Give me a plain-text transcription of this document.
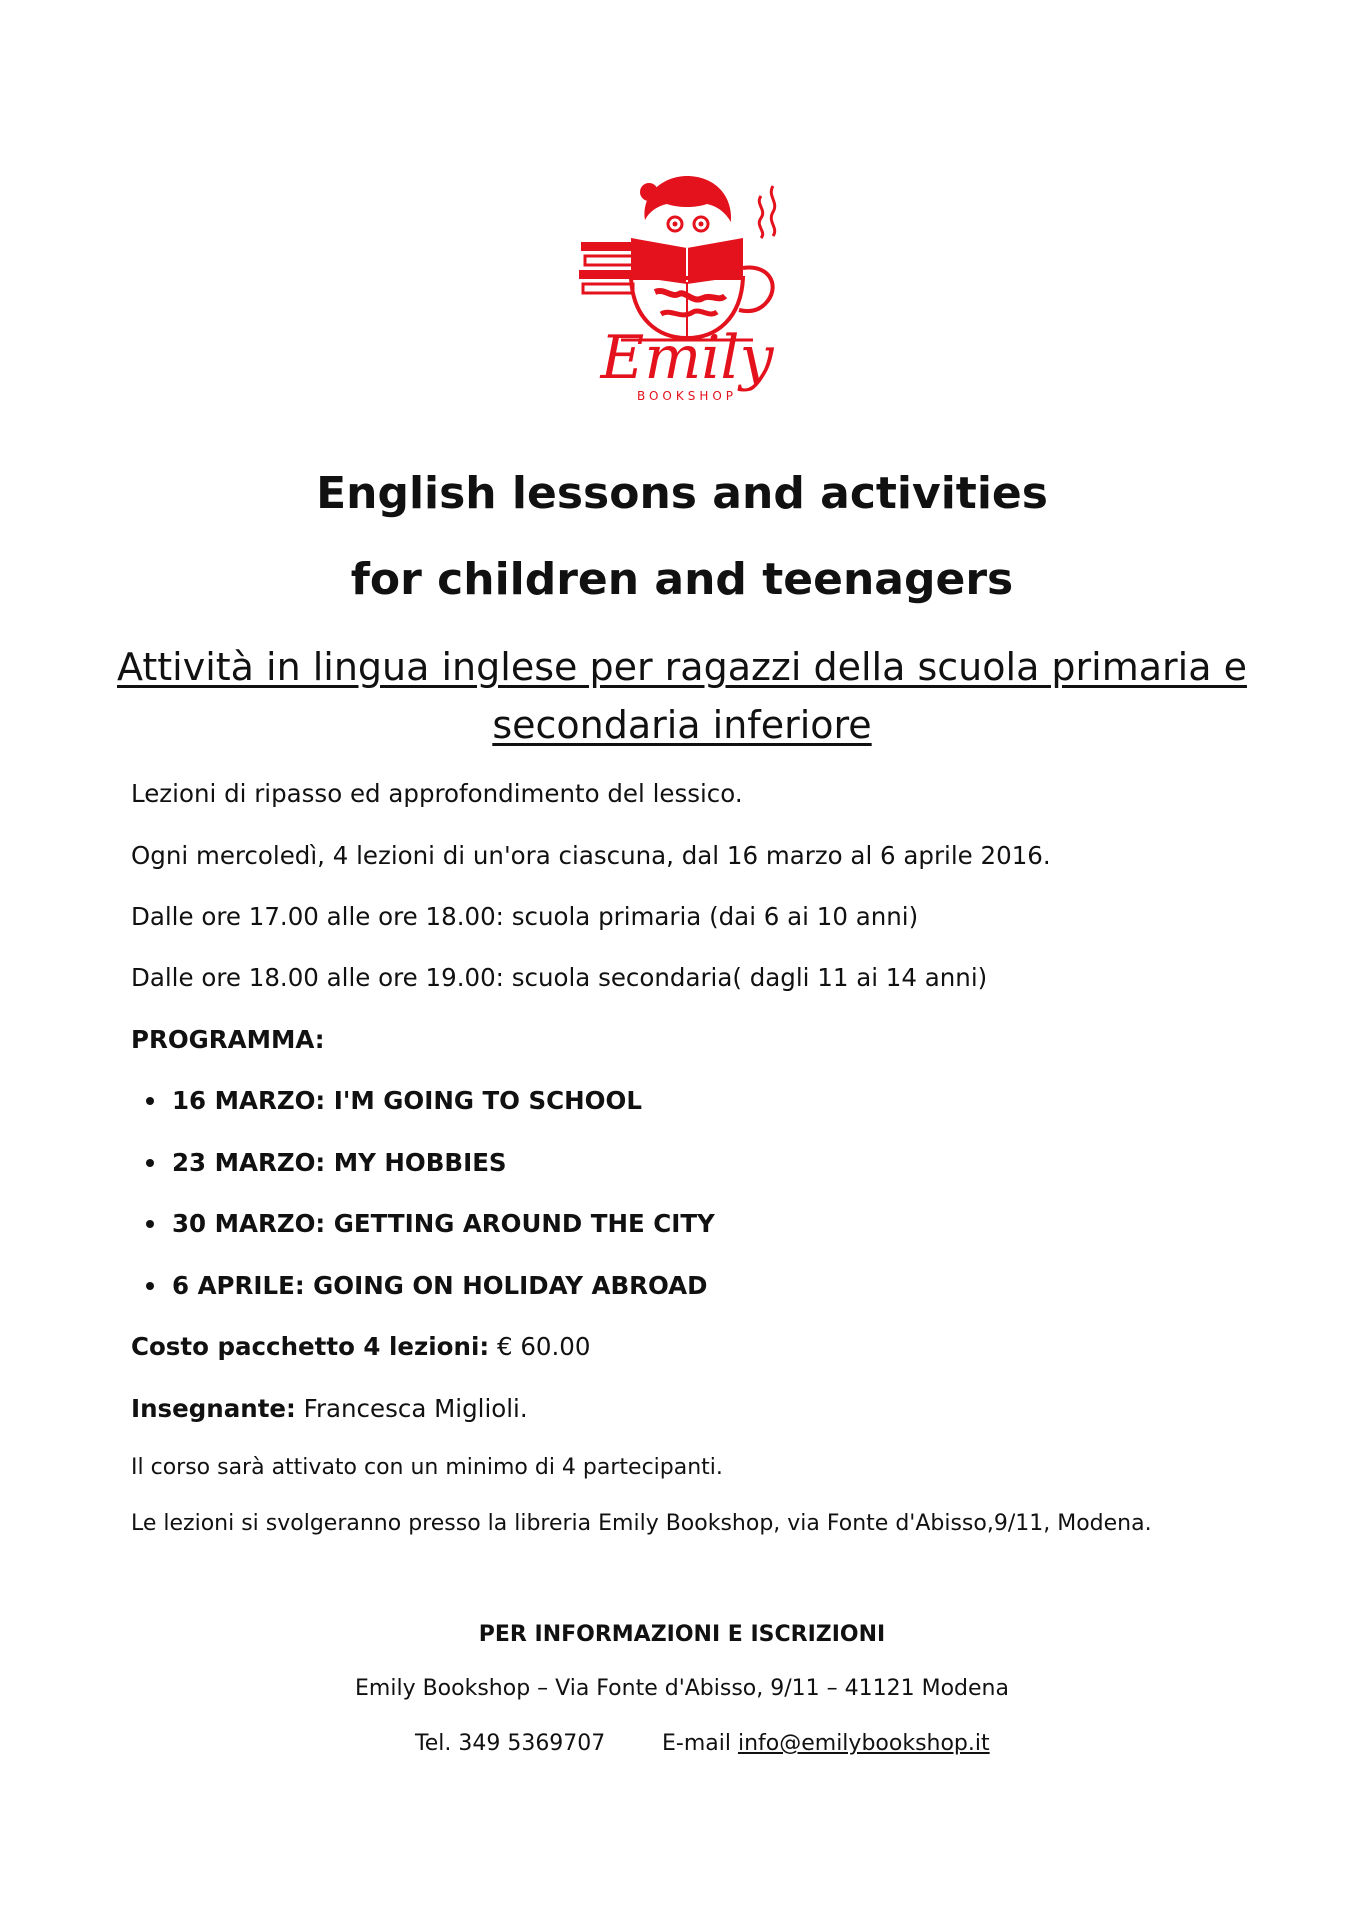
Emily
BOOKSHOP
English lessons and activities
for children and teenagers

Attività in lingua inglese per ragazzi della scuola primaria e secondaria inferiore

Lezioni di ripasso ed approfondimento del lessico.

Ogni mercoledì, 4 lezioni di un'ora ciascuna, dal 16 marzo al 6 aprile 2016.

Dalle ore 17.00 alle ore 18.00: scuola primaria (dai 6 ai 10 anni)

Dalle ore 18.00 alle ore 19.00: scuola secondaria( dagli 11 ai 14 anni)

PROGRAMMA:

16 MARZO: I'M GOING TO SCHOOL
23 MARZO: MY HOBBIES
30 MARZO: GETTING AROUND THE CITY
6 APRILE: GOING ON HOLIDAY ABROAD

Costo pacchetto 4 lezioni: € 60.00

Insegnante: Francesca Miglioli.

Il corso sarà attivato con un minimo di 4 partecipanti.

Le lezioni si svolgeranno presso la libreria Emily Bookshop, via Fonte d'Abisso,9/11, Modena.

PER INFORMAZIONI E ISCRIZIONI

Emily Bookshop – Via Fonte d'Abisso, 9/11 – 41121 Modena

Tel. 349 5369707	E-mail info@emilybookshop.it
